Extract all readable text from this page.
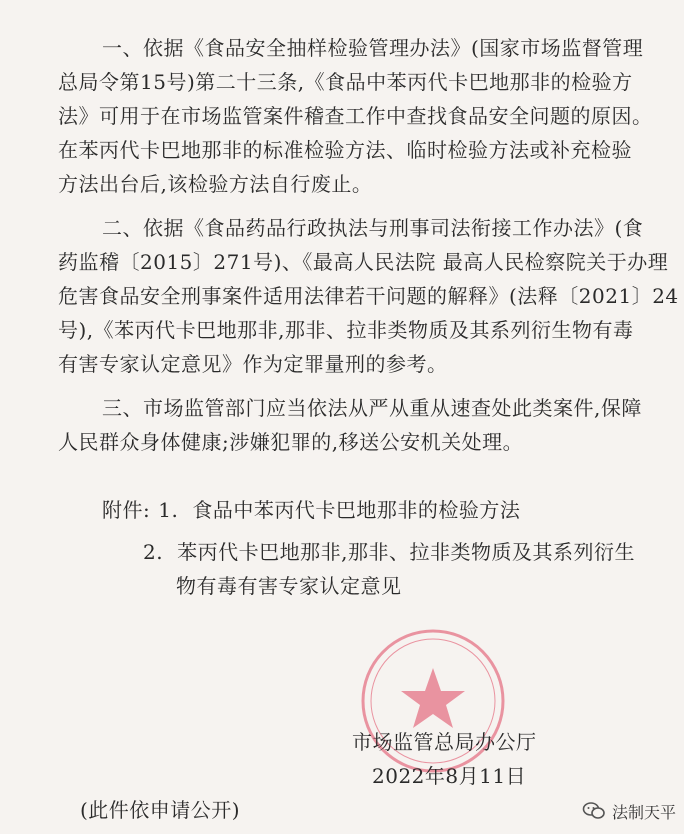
一、依据《食品安全抽样检验管理办法》(国家市场监督管理
总局令第15号)第二十三条,《食品中苯丙代卡巴地那非的检验方
法》可用于在市场监管案件稽查工作中查找食品安全问题的原因。
在苯丙代卡巴地那非的标准检验方法、临时检验方法或补充检验
方法出台后,该检验方法自行废止。
二、依据《食品药品行政执法与刑事司法衔接工作办法》(食
药监稽〔2015〕271号)、《最高人民法院 最高人民检察院关于办理
危害食品安全刑事案件适用法律若干问题的解释》(法释〔2021〕24
号),《苯丙代卡巴地那非,那非、拉非类物质及其系列衍生物有毒
有害专家认定意见》作为定罪量刑的参考。
三、市场监管部门应当依法从严从重从速查处此类案件,保障
人民群众身体健康;涉嫌犯罪的,移送公安机关处理。
附件: 1. 食品中苯丙代卡巴地那非的检验方法
2. 苯丙代卡巴地那非,那非、拉非类物质及其系列衍生
物有毒有害专家认定意见
市场监管总局办公厅
2022年8月11日
(此件依申请公开)	法制天平
